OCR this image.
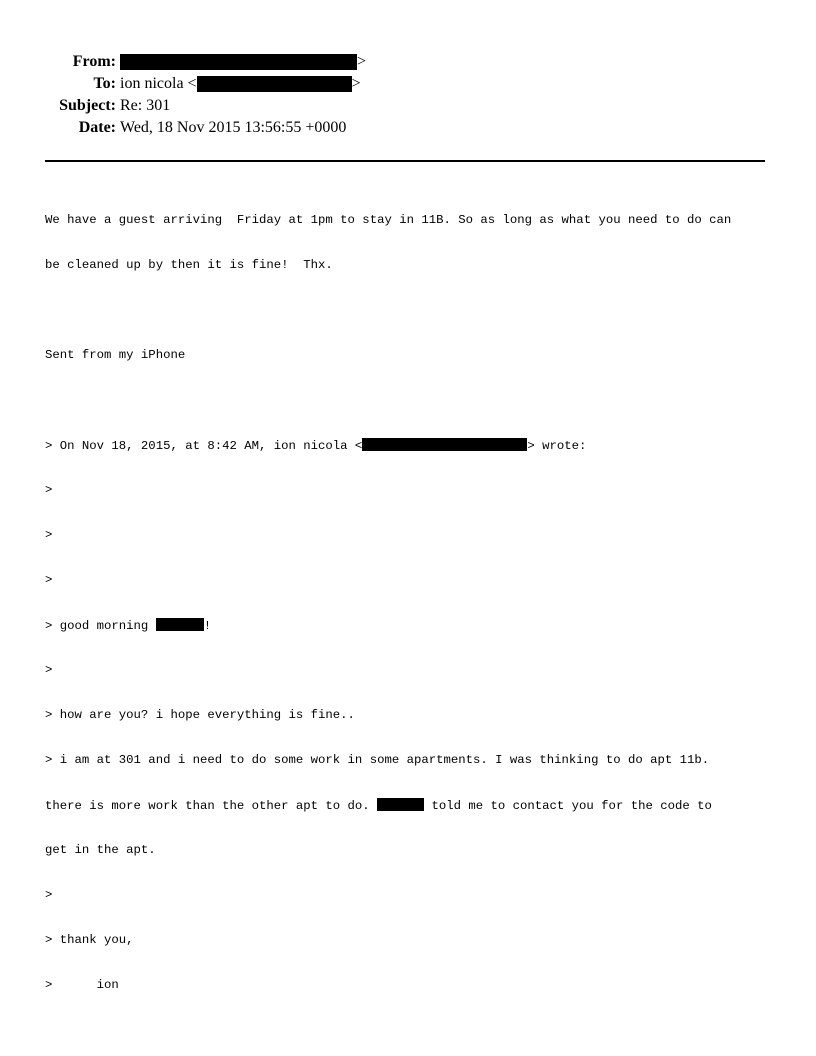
From:	>
To: ion nicola <	>
Subject: Re: 301
Date: Wed, 18 Nov 2015 13:56:55 +0000

We have a guest arriving  Friday at 1pm to stay in 11B. So as long as what you need to do can

be cleaned up by then it is fine!  Thx.

Sent from my iPhone

> On Nov 18, 2015, at 8:42 AM, ion nicola <	> wrote:

>

>

>

> good morning	!

>

> how are you? i hope everything is fine..

> i am at 301 and i need to do some work in some apartments. I was thinking to do apt 11b.

there is more work than the other apt to do.	told me to contact you for the code to

get in the apt.

>

> thank you,

>      ion
